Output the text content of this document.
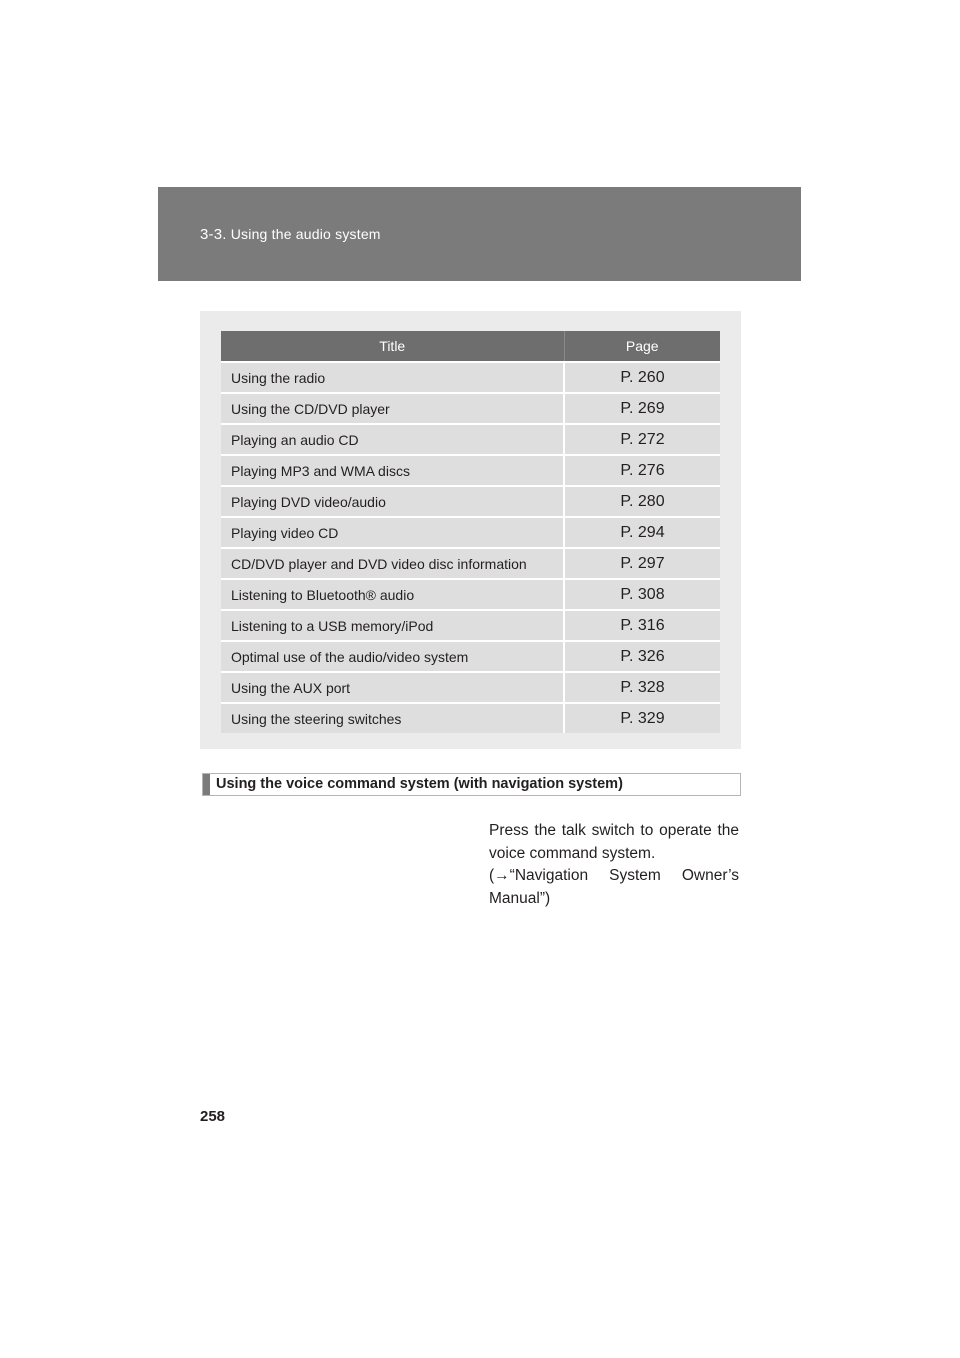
3-3. Using the audio system
Title	Page
Using the radio	P. 260
Using the CD/DVD player	P. 269
Playing an audio CD	P. 272
Playing MP3 and WMA discs	P. 276
Playing DVD video/audio	P. 280
Playing video CD	P. 294
CD/DVD player and DVD video disc information	P. 297
Listening to Bluetooth® audio	P. 308
Listening to a USB memory/iPod	P. 316
Optimal use of the audio/video system	P. 326
Using the AUX port	P. 328
Using the steering switches	P. 329
Using the voice command system (with navigation system)

Press the talk switch to operate the voice command system.

(→“Navigation System Owner’s Manual”)

258
